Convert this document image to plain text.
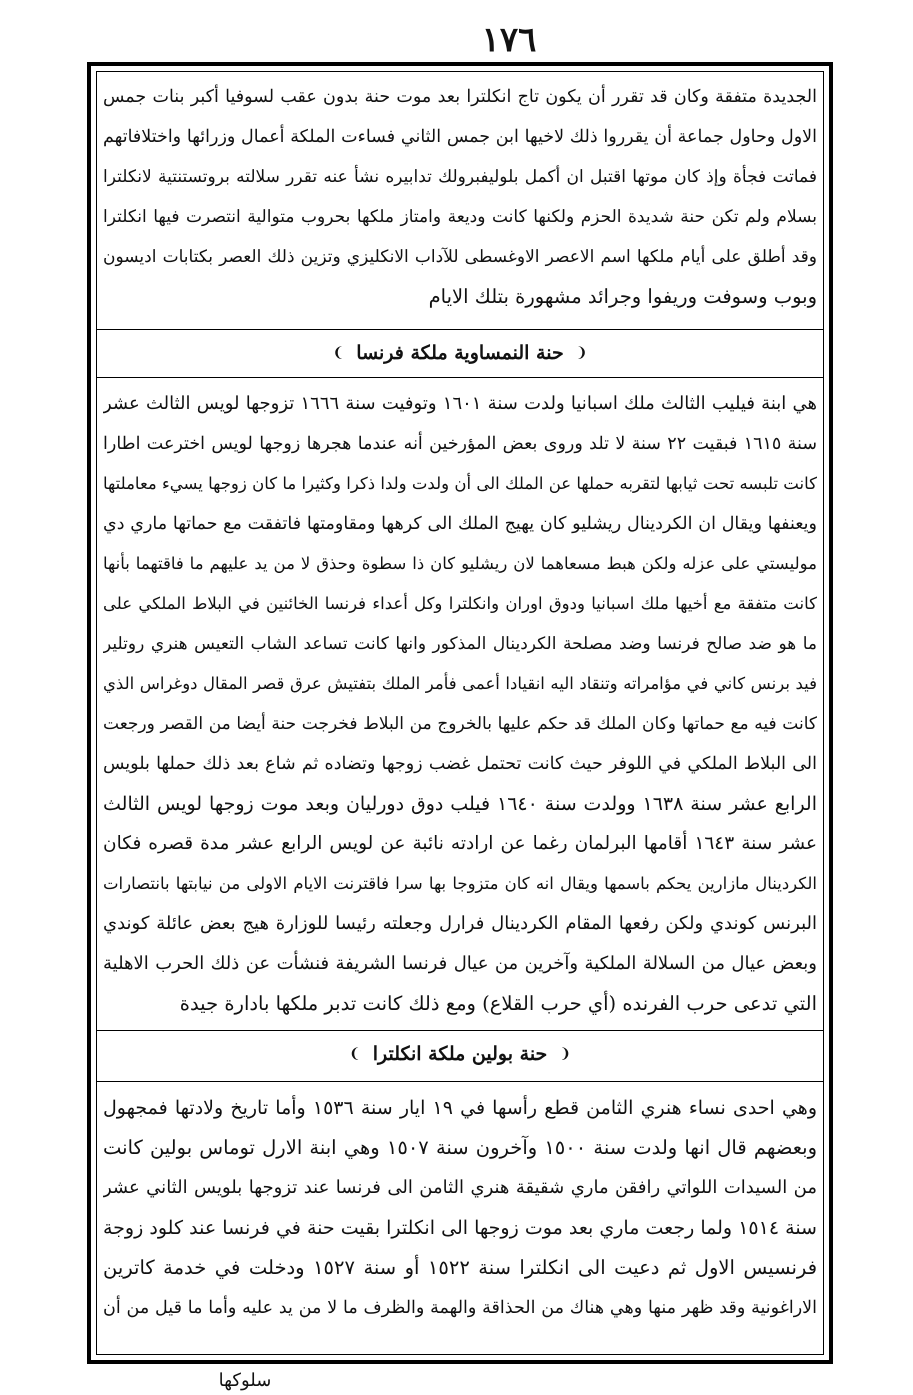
١٧٦
الجديدة متفقة وكان قد تقرر أن يكون تاج انكلترا بعد موت حنة بدون عقب لسوفيا أكبر بنات جمس
الاول وحاول جماعة أن يقرروا ذلك لاخيها ابن جمس الثاني فساءت الملكة أعمال وزرائها واختلافاتهم
فماتت فجأة وإذ كان موتها اقتبل ان أكمل بلوليفبرولك تدابيره نشأ عنه تقرر سلالته بروتستنتية لانكلترا
بسلام ولم تكن حنة شديدة الحزم ولكنها كانت وديعة وامتاز ملكها بحروب متوالية انتصرت فيها انكلترا
وقد أطلق على أيام ملكها اسم الاعصر الاوغسطى للآداب الانكليزي وتزين ذلك العصر بكتابات اديسون
وبوب وسوفت وريفوا وجرائد مشهورة بتلك الايام
❨ حنة النمساوية ملكة فرنسا ❩
هي ابنة فيليب الثالث ملك اسبانيا ولدت سنة ١٦٠١ وتوفيت سنة ١٦٦٦ تزوجها لويس الثالث عشر
سنة ١٦١٥ فبقيت ٢٢ سنة لا تلد وروى بعض المؤرخين أنه عندما هجرها زوجها لويس اخترعت اطارا
كانت تلبسه تحت ثيابها لتقربه حملها عن الملك الى أن ولدت ولدا ذكرا وكثيرا ما كان زوجها يسيء معاملتها
ويعنفها ويقال ان الكردينال ريشليو كان يهيج الملك الى كرهها ومقاومتها فاتفقت مع حماتها ماري دي
موليستي على عزله ولكن هبط مسعاهما لان ريشليو كان ذا سطوة وحذق لا من يد عليهم ما فاقتهما بأنها
كانت متفقة مع أخيها ملك اسبانيا ودوق اوران وانكلترا وكل أعداء فرنسا الخائنين في البلاط الملكي على
ما هو ضد صالح فرنسا وضد مصلحة الكردينال المذكور وانها كانت تساعد الشاب التعيس هنري روتلير
فيد برنس كاني في مؤامراته وتنقاد اليه انقيادا أعمى فأمر الملك بتفتيش عرق قصر المقال دوغراس الذي
كانت فيه مع حماتها وكان الملك قد حكم عليها بالخروج من البلاط فخرجت حنة أيضا من القصر ورجعت
الى البلاط الملكي في اللوفر حيث كانت تحتمل غضب زوجها وتضاده ثم شاع بعد ذلك حملها بلويس
الرابع عشر سنة ١٦٣٨ وولدت سنة ١٦٤٠ فيلب دوق دورليان وبعد موت زوجها لويس الثالث
عشر سنة ١٦٤٣ أقامها البرلمان رغما عن ارادته نائبة عن لويس الرابع عشر مدة قصره فكان
الكردينال مازارين يحكم باسمها ويقال انه كان متزوجا بها سرا فاقترنت الايام الاولى من نيابتها بانتصارات
البرنس كوندي ولكن رفعها المقام الكردينال فرارل وجعلته رئيسا للوزارة هيج بعض عائلة كوندي
وبعض عيال من السلالة الملكية وآخرين من عيال فرنسا الشريفة فنشأت عن ذلك الحرب الاهلية
التي تدعى حرب الفرنده (أي حرب القلاع) ومع ذلك كانت تدبر ملكها بادارة جيدة
❨ حنة بولين ملكة انكلترا ❩
وهي احدى نساء هنري الثامن قطع رأسها في ١٩ ايار سنة ١٥٣٦ وأما تاريخ ولادتها فمجهول
وبعضهم قال انها ولدت سنة ١٥٠٠ وآخرون سنة ١٥٠٧ وهي ابنة الارل توماس بولين كانت
من السيدات اللواتي رافقن ماري شقيقة هنري الثامن الى فرنسا عند تزوجها بلويس الثاني عشر
سنة ١٥١٤ ولما رجعت ماري بعد موت زوجها الى انكلترا بقيت حنة في فرنسا عند كلود زوجة
فرنسيس الاول ثم دعيت الى انكلترا سنة ١٥٢٢ أو سنة ١٥٢٧ ودخلت في خدمة كاترين
الاراغونية وقد ظهر منها وهي هناك من الحذاقة والهمة والظرف ما لا من يد عليه وأما ما قيل من أن
سلوكها
